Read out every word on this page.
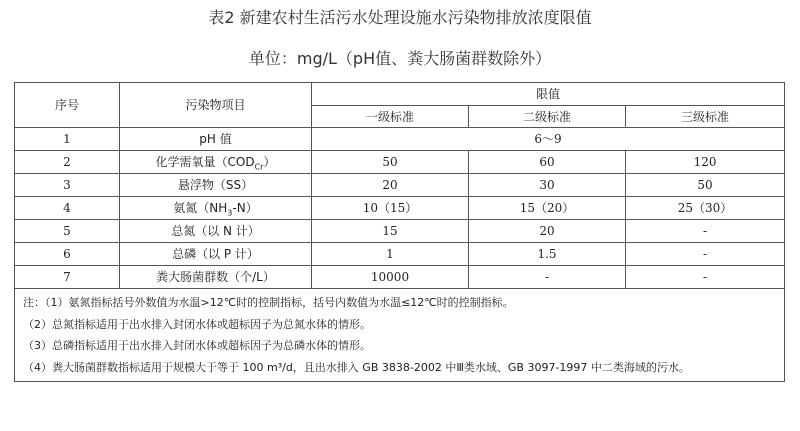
表2 新建农村生活污水处理设施水污染物排放浓度限值
单位：mg/L（pH值、粪大肠菌群数除外）
序号	污染物项目	限值		
		一级标准	二级标准	三级标准
1	pH 值	6～9		
2	化学需氧量$(COD_{Cr})$	50	60	120
3	悬浮物（SS）	20	30	50
4	氨氮$(NH_3-N)$	10（15）	15（20）	25（30）
5	总氮（以 N 计）	15	20	-
6	总磷（以 P 计）	1	1.5	-
7	粪大肠菌群数（个/L）	10000	-	-

注：（1）氨氮指标括号外数值为水温>12℃时的控制指标，括号内数值为水温≤12℃时的控制指标。
（2）总氮指标适用于出水排入封闭水体或超标因子为总氮水体的情形。
（3）总磷指标适用于出水排入封闭水体或超标因子为总磷水体的情形。
（4）粪大肠菌群数指标适用于规模大于等于 100 m³/d，且出水排入 GB 3838-2002 中Ⅲ类水域、GB 3097-1997 中二类海域的污水。				
